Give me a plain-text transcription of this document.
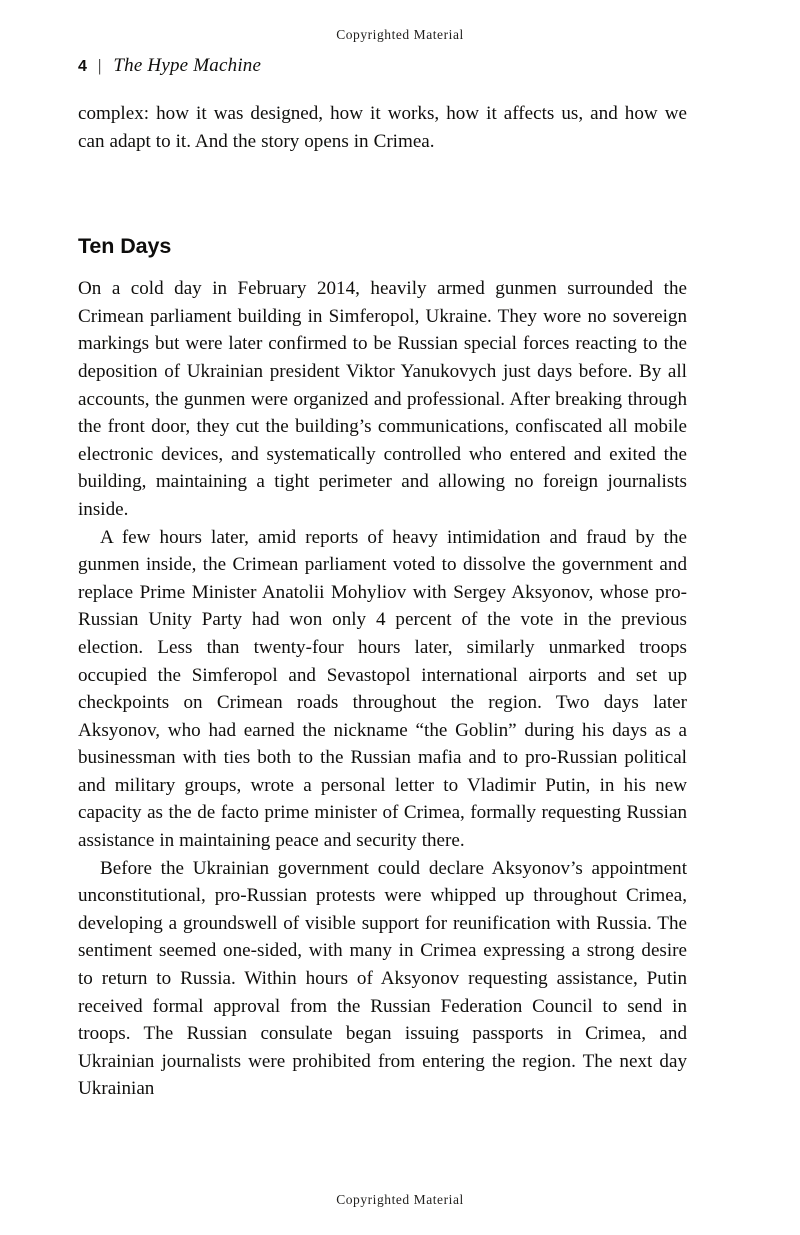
Copyrighted Material
4 | The Hype Machine

complex: how it was designed, how it works, how it affects us, and how we can adapt to it. And the story opens in Crimea.

Ten Days

On a cold day in February 2014, heavily armed gunmen surrounded the Crimean parliament building in Simferopol, Ukraine. They wore no sovereign markings but were later confirmed to be Russian special forces reacting to the deposition of Ukrainian president Viktor Yanukovych just days before. By all accounts, the gunmen were organized and professional. After breaking through the front door, they cut the building’s communications, confiscated all mobile electronic devices, and systematically controlled who entered and exited the building, maintaining a tight perimeter and allowing no foreign journalists inside.

A few hours later, amid reports of heavy intimidation and fraud by the gunmen inside, the Crimean parliament voted to dissolve the government and replace Prime Minister Anatolii Mohyliov with Sergey Aksyonov, whose pro-Russian Unity Party had won only 4 percent of the vote in the previous election. Less than twenty-four hours later, similarly unmarked troops occupied the Simferopol and Sevastopol international airports and set up checkpoints on Crimean roads throughout the region. Two days later Aksyonov, who had earned the nickname “the Goblin” during his days as a businessman with ties both to the Russian mafia and to pro-Russian political and military groups, wrote a personal letter to Vladimir Putin, in his new capacity as the de facto prime minister of Crimea, formally requesting Russian assistance in maintaining peace and security there.

Before the Ukrainian government could declare Aksyonov’s appointment unconstitutional, pro-Russian protests were whipped up throughout Crimea, developing a groundswell of visible support for reunification with Russia. The sentiment seemed one-sided, with many in Crimea expressing a strong desire to return to Russia. Within hours of Aksyonov requesting assistance, Putin received formal approval from the Russian Federation Council to send in troops. The Russian consulate began issuing passports in Crimea, and Ukrainian journalists were prohibited from entering the region. The next day Ukrainian

Copyrighted Material
